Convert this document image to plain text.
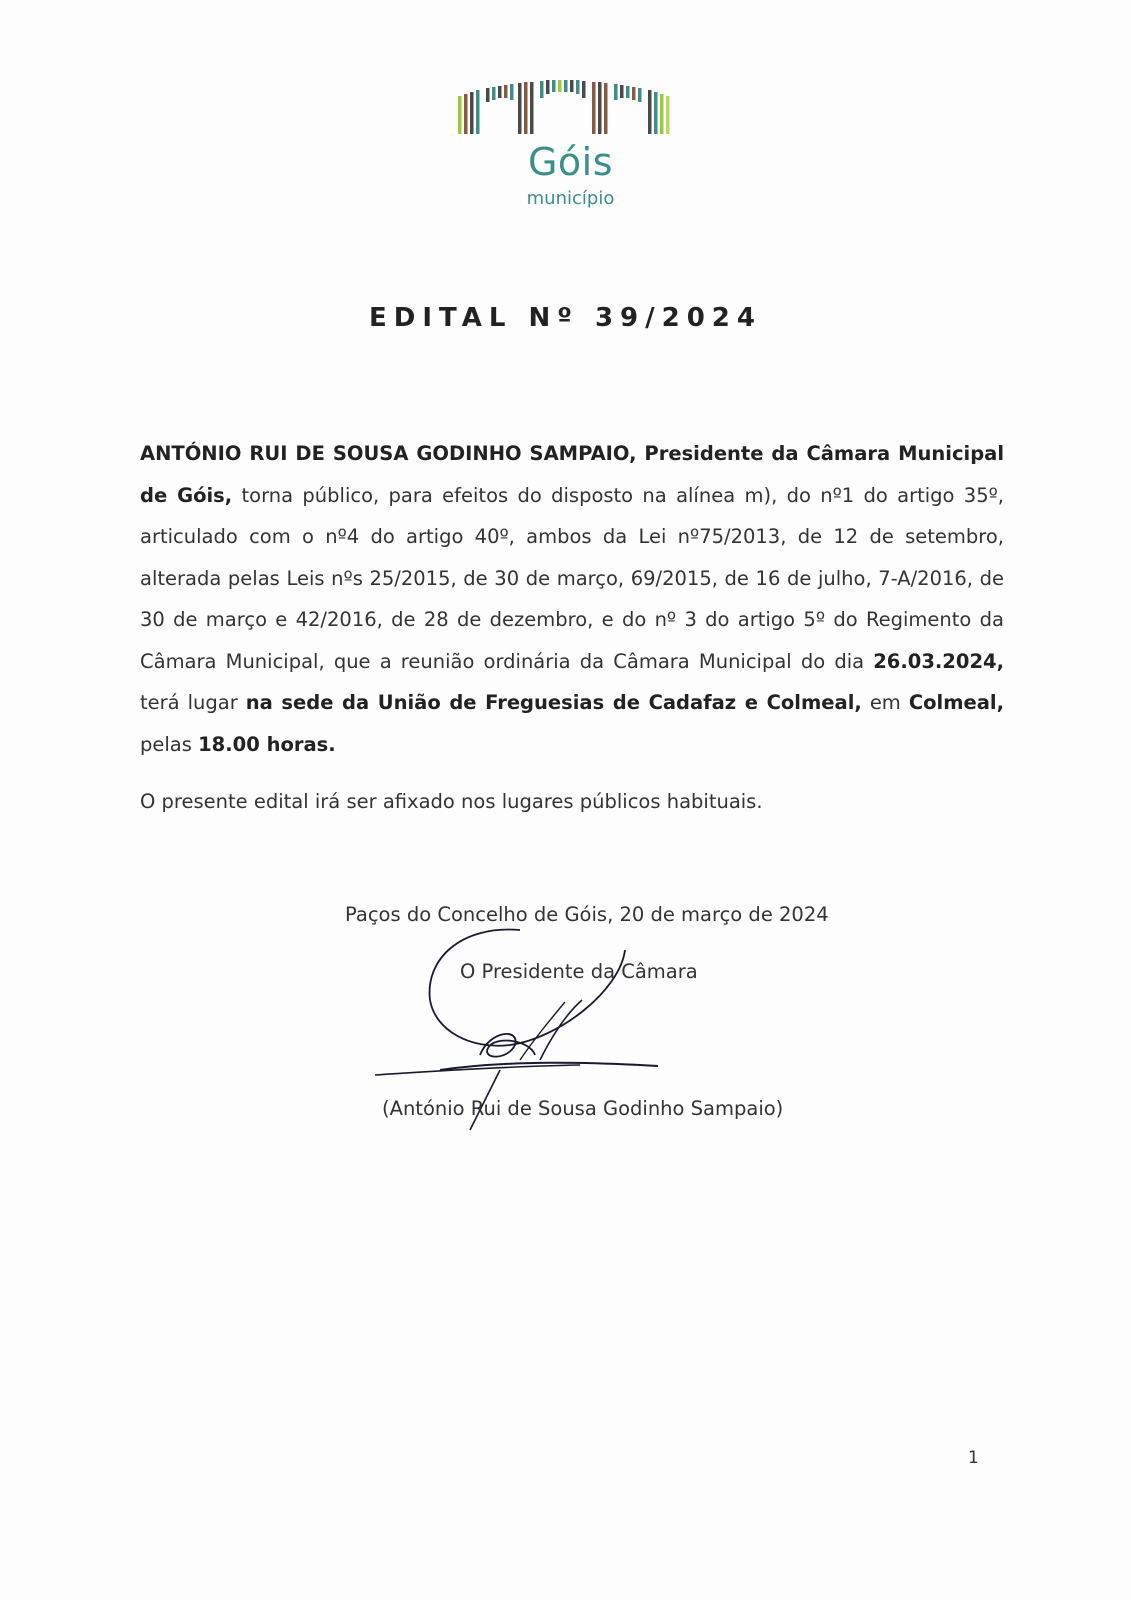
Góis
município
EDITAL Nº 39/2024
ANTÓNIO RUI DE SOUSA GODINHO SAMPAIO, Presidente da Câmara Municipal de Góis, torna público, para efeitos do disposto na alínea m), do nº1 do artigo 35º, articulado com o nº4 do artigo 40º, ambos da Lei nº75/2013, de 12 de setembro, alterada pelas Leis nºs 25/2015, de 30 de março, 69/2015, de 16 de julho, 7-A/2016, de 30 de março e 42/2016, de 28 de dezembro, e do nº 3 do artigo 5º do Regimento da Câmara Municipal, que a reunião ordinária da Câmara Municipal do dia 26.03.2024, terá lugar na sede da União de Freguesias de Cadafaz e Colmeal, em Colmeal, pelas 18.00 horas.
O presente edital irá ser afixado nos lugares públicos habituais.
Paços do Concelho de Góis, 20 de março de 2024
O Presidente da Câmara
(António Rui de Sousa Godinho Sampaio)
1
